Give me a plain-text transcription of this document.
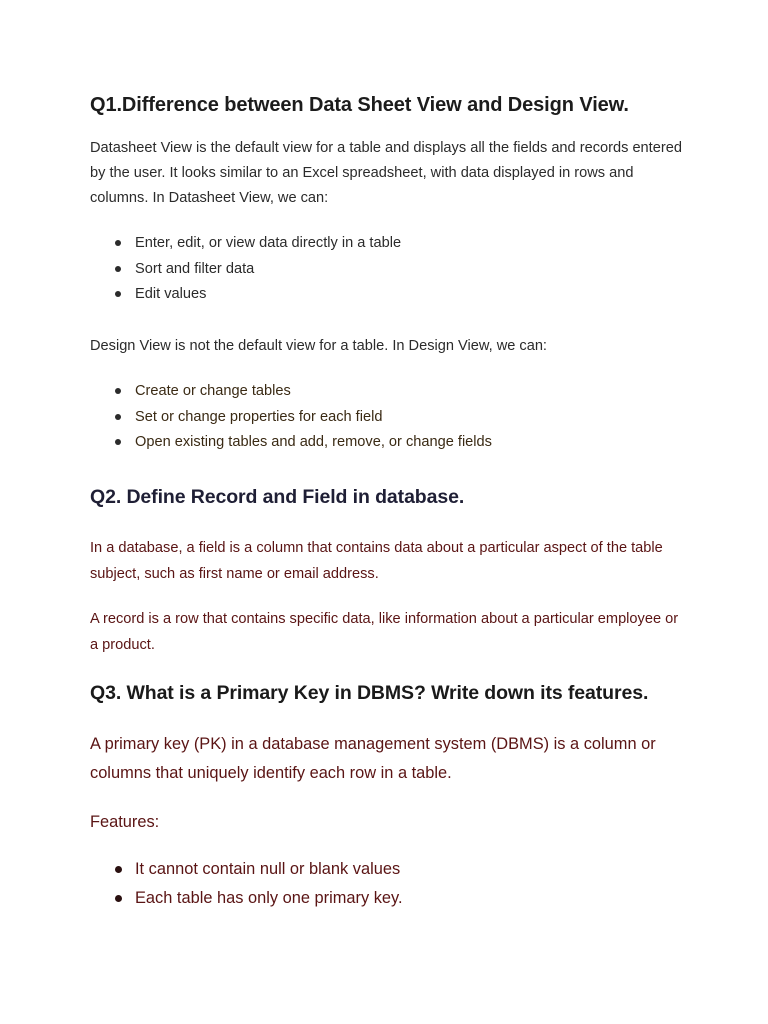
Q1.Difference between Data Sheet View and Design View.

Datasheet View is the default view for a table and displays all the fields and records entered by the user. It looks similar to an Excel spreadsheet, with data displayed in rows and columns. In Datasheet View, we can:

Enter, edit, or view data directly in a table
Sort and filter data
Edit values

Design View is not the default view for a table. In Design View, we can:

Create or change tables
Set or change properties for each field
Open existing tables and add, remove, or change fields
Q2. Define Record and Field in database.

In a database, a field is a column that contains data about a particular aspect of the table subject, such as first name or email address.

A record is a row that contains specific data, like information about a particular employee or a product.

Q3. What is a Primary Key in DBMS? Write down its features.

A primary key (PK) in a database management system (DBMS) is a column or columns that uniquely identify each row in a table.

Features:

It cannot contain null or blank values
Each table has only one primary key.
